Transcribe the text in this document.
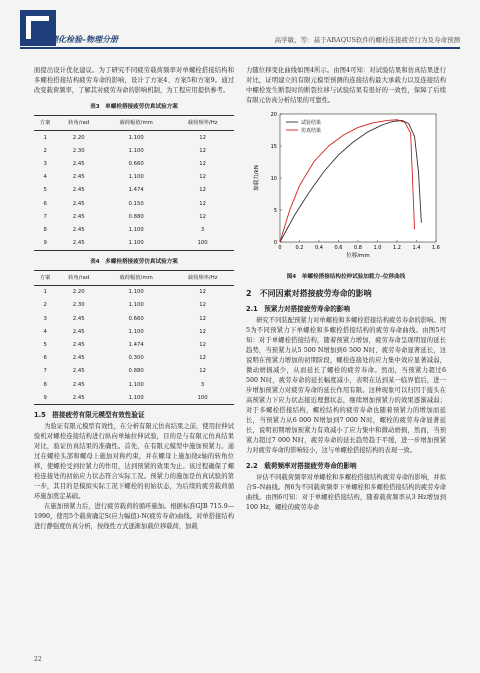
理化检验–物理分册	高学敏，等：基于ABAQUS软件的螺栓连接疲劳行为及寿命预测

面提出设计优化建议。为了研究不同疲劳载荷频率对单螺栓搭接结构和多螺栓搭接结构疲劳寿命的影响，设计了方案4、方案5和方案9。通过改变载荷频率，了解其对疲劳寿命的影响机制，为工程应用提供参考。

表3　单螺栓搭接疲劳仿真试验方案
方案	转角/rad	载荷幅值/mm	载荷频率/Hz
1	2.20	1.100	12
2	2.30	1.100	12
3	2.45	0.660	12
4	2.45	1.100	12
5	2.45	1.474	12
6	2.45	0.150	12
7	2.45	0.880	12
8	2.45	1.100	3
9	2.45	1.100	100
表4　多螺栓搭接疲劳仿真试验方案
方案	转角/rad	载荷幅值/mm	载荷频率/Hz
1	2.20	1.100	12
2	2.30	1.100	12
3	2.45	0.660	12
4	2.45	1.100	12
5	2.45	1.474	12
6	2.45	0.300	12
7	2.45	0.880	12
8	2.45	1.100	3
9	2.45	1.100	100
1.5　搭接疲劳有限元模型有效性验证

为验证有限元模型有效性，在分析有限元仿真结果之前，使用拉伸试验机对螺栓连接结构进行纵向单轴拉伸试验，目的是与有限元仿真结果对比，验证仿真结果的准确性。首先，在有限元模型中施加预紧力。通过在螺栓头部和螺母上施加对称约束，并在螺母上施加绕z轴的转角位移，使螺栓受到拉紧力的作用，达到预紧的效果为止。该过程确保了螺栓连接处的初始应力状态符合实际工况。预紧力的施加是仿真试验的第一步，其目的是模拟实际工况下螺栓的初始状态，为后续的疲劳载荷循环施加奠定基础。

在施加预紧力后，进行疲劳载荷的循环施加。根据标准GJB 715.9—1990，使用5个载荷确定S(应力幅值)-N(疲劳寿命)曲线。对单搭接结构进行静强度仿真分析，按线性方式逐渐加载位移载荷，加载

力随位移变化曲线如图4所示。由图4可知：对试验结果和仿真结果进行对比，证明建立的有限元模型预测的连接结构最大承载力以及连接结构中螺栓发生断裂时的断裂位移与试验结果有很好的一致性，保障了后续有限元仿真分析结果的可靠性。

0	0.2 0.4 0.6 0.8 1.0 1.2 1.4 1.6
0
5
10
15
20
位移/mm
加载力/kN
试验结果
仿真结果
图4　单螺栓搭接结构拉伸试验加载力–位移曲线
2　不同因素对搭接疲劳寿命的影响
2.1　预紧力对搭接疲劳寿命的影响

研究不同装配预紧力对单螺栓和多螺栓搭接结构疲劳寿命的影响。图5为不同预紧力下单螺栓和多螺栓搭接结构的疲劳寿命曲线。由图5可知：对于单螺栓搭接结构，随着预紧力增加，疲劳寿命呈现明显的延长趋势，当预紧力从5 500 N增加到6 500 N时，疲劳寿命显著延长，这说明在预紧力增加的初期阶段，螺栓连接处的应力集中效应显著减弱，微动磨损减少，从而延长了螺栓的疲劳寿命。然而，当预紧力超过6 500 N时，疲劳寿命的延长幅度减小，表明在达到某一临界值后，进一步增加预紧力对疲劳寿命的延长作用有限。这种现象可以归因于接头在高预紧力下应力状态接近理想状态，继续增加预紧力的效果逐渐减弱；对于多螺栓搭接结构，螺栓结构的疲劳寿命也随着预紧力的增加而延长，当预紧力从6 000 N增加到7 000 N时，螺栓的疲劳寿命显著延长，说明初期增加预紧力有效减小了应力集中和微动磨损，然而，当预紧力超过7 000 N时，疲劳寿命的延长趋势趋于平缓，进一步增加预紧力对疲劳寿命的影响较小，这与单螺栓搭接结构的表现一致。

2.2　载荷频率对搭接疲劳寿命的影响

评估不同载荷频率对单螺栓和多螺栓搭接结构疲劳寿命的影响，并拟合S–N曲线。图6为不同载荷频率下单螺栓和多螺栓搭接结构的疲劳寿命曲线。由图6可知：对于单螺栓搭接结构，随着载荷频率从3 Hz增加到100 Hz，螺栓的疲劳寿命

22
